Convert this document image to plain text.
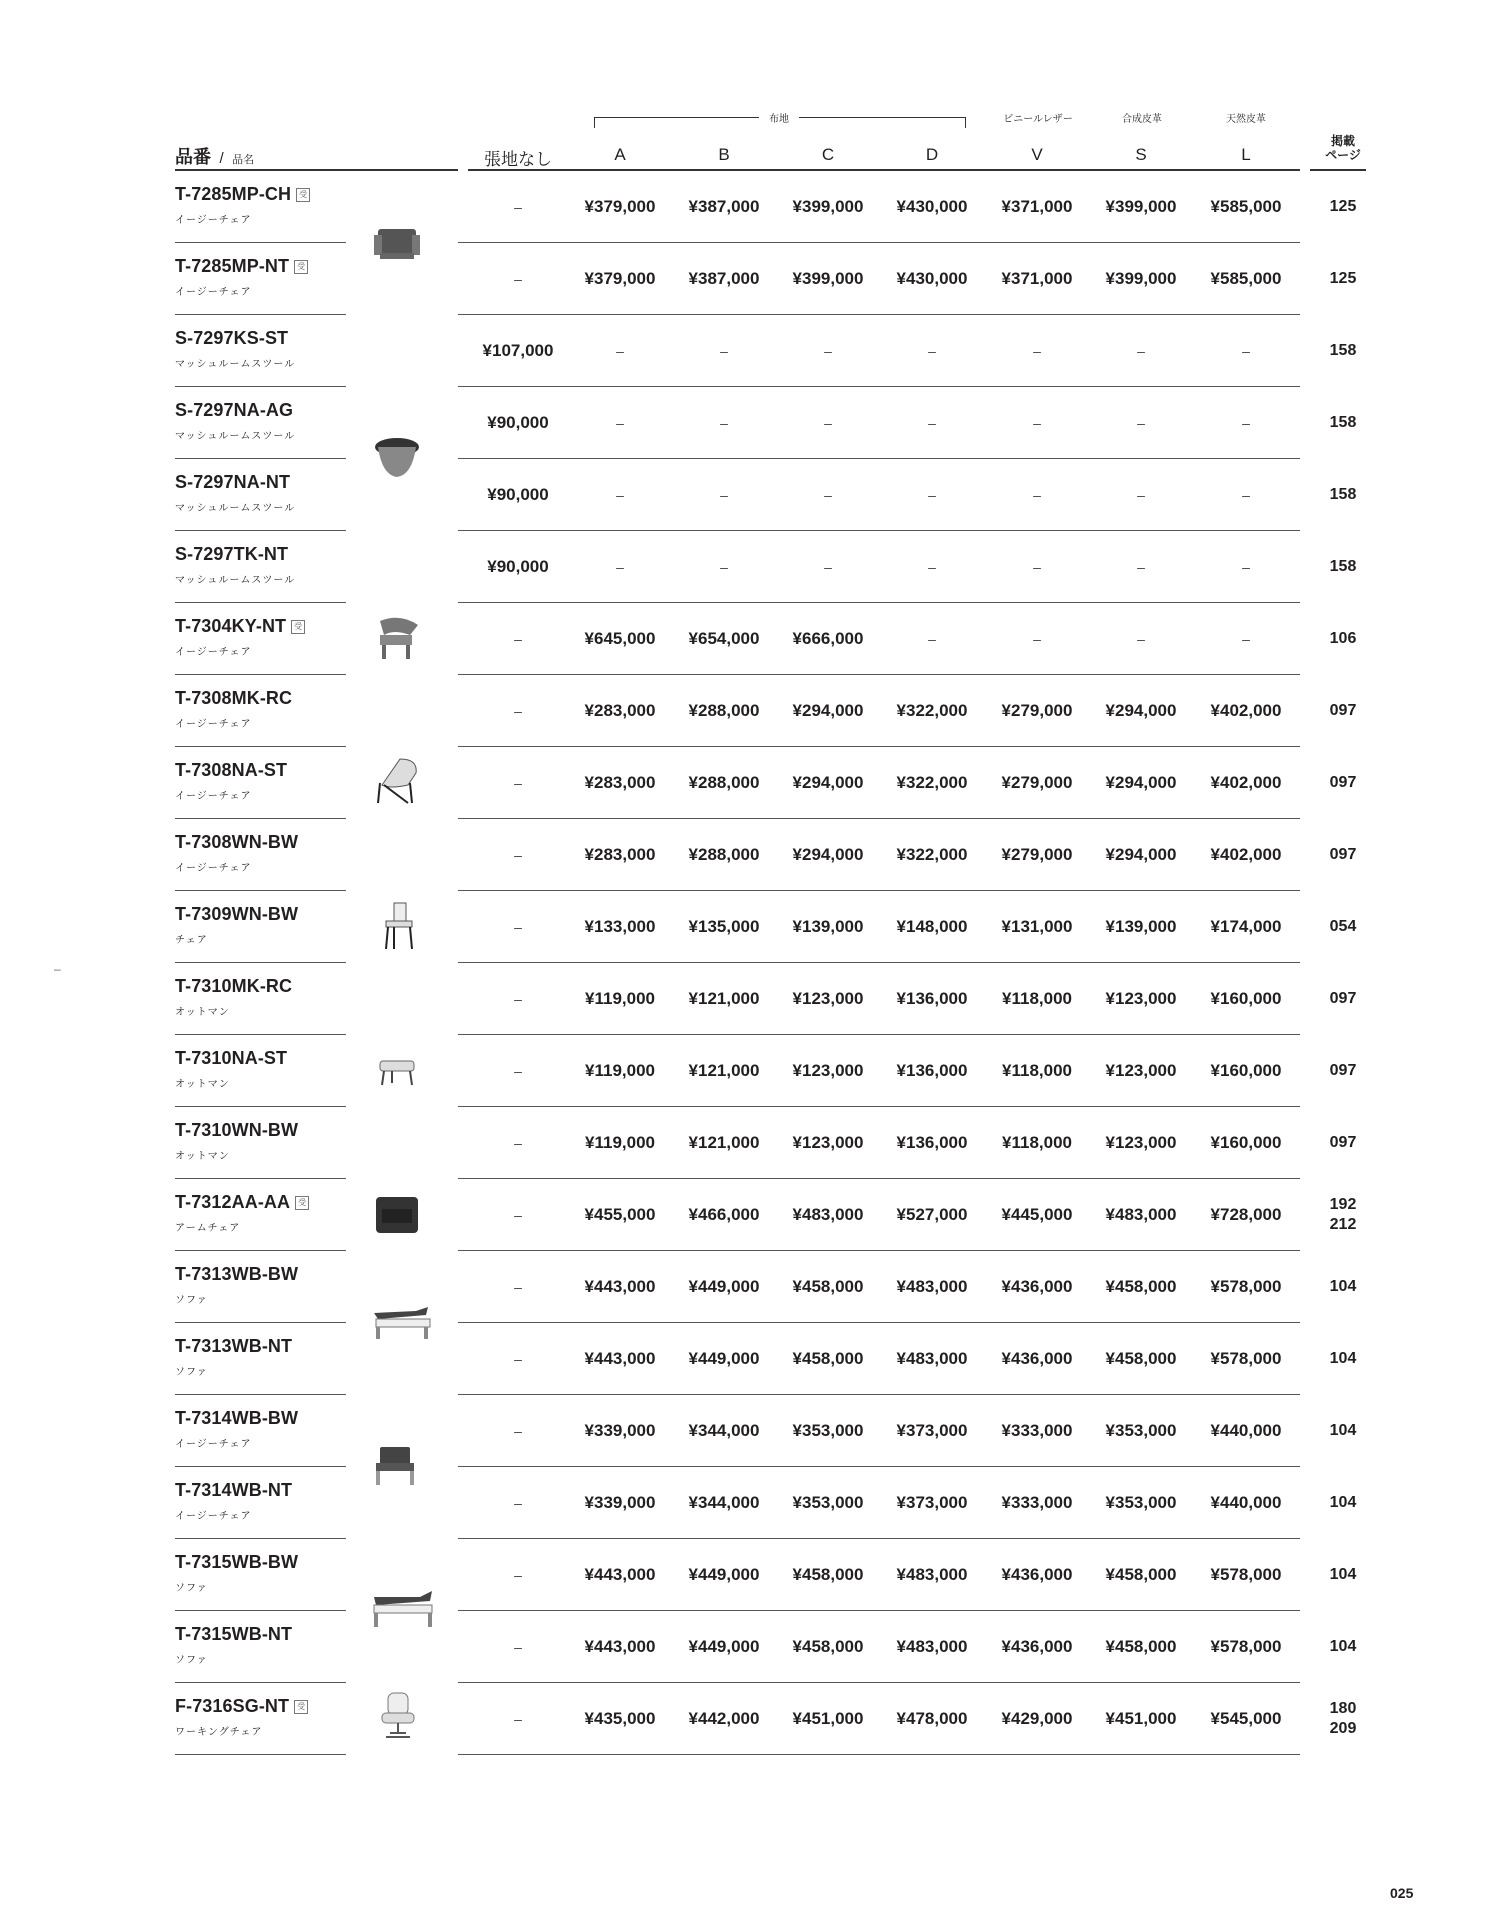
布地	ビニールレザー	合成皮革	天然皮革
品番 / 品名	張地なし	A	B	C	D	V	S	L
掲載
ページ
T-7285MP-CH 受
イージーチェア
–	¥379,000 ¥387,000 ¥399,000 ¥430,000 ¥371,000 ¥399,000 ¥585,000	125
T-7285MP-NT 受
イージーチェア
–	¥379,000 ¥387,000 ¥399,000 ¥430,000 ¥371,000 ¥399,000 ¥585,000	125
S-7297KS-ST
マッシュルームスツール
¥107,000	–	–	–	–	–	–	–	158
S-7297NA-AG
マッシュルームスツール
¥90,000	–	–	–	–	–	–	–	158
S-7297NA-NT
マッシュルームスツール
¥90,000	–	–	–	–	–	–	–	158
S-7297TK-NT
マッシュルームスツール
¥90,000	–	–	–	–	–	–	–	158
T-7304KY-NT 受
イージーチェア
–	¥645,000 ¥654,000 ¥666,000	–	–	–	–	106
T-7308MK-RC
イージーチェア
–	¥283,000 ¥288,000 ¥294,000 ¥322,000 ¥279,000 ¥294,000 ¥402,000	097
T-7308NA-ST
イージーチェア
–	¥283,000 ¥288,000 ¥294,000 ¥322,000 ¥279,000 ¥294,000 ¥402,000	097
T-7308WN-BW
イージーチェア
–	¥283,000 ¥288,000 ¥294,000 ¥322,000 ¥279,000 ¥294,000 ¥402,000	097
T-7309WN-BW
チェア
–	¥133,000 ¥135,000 ¥139,000 ¥148,000 ¥131,000 ¥139,000 ¥174,000	054
T-7310MK-RC
オットマン
–	¥119,000 ¥121,000 ¥123,000 ¥136,000 ¥118,000 ¥123,000 ¥160,000	097
T-7310NA-ST
オットマン
–	¥119,000 ¥121,000 ¥123,000 ¥136,000 ¥118,000 ¥123,000 ¥160,000	097
T-7310WN-BW
オットマン
–	¥119,000 ¥121,000 ¥123,000 ¥136,000 ¥118,000 ¥123,000 ¥160,000	097
T-7312AA-AA 受
アームチェア
–	¥455,000 ¥466,000 ¥483,000 ¥527,000 ¥445,000 ¥483,000 ¥728,000
192
212
T-7313WB-BW
ソファ
–	¥443,000 ¥449,000 ¥458,000 ¥483,000 ¥436,000 ¥458,000 ¥578,000	104
T-7313WB-NT
ソファ
–	¥443,000 ¥449,000 ¥458,000 ¥483,000 ¥436,000 ¥458,000 ¥578,000	104
T-7314WB-BW
イージーチェア
–	¥339,000 ¥344,000 ¥353,000 ¥373,000 ¥333,000 ¥353,000 ¥440,000	104
T-7314WB-NT
イージーチェア
–	¥339,000 ¥344,000 ¥353,000 ¥373,000 ¥333,000 ¥353,000 ¥440,000	104
T-7315WB-BW
ソファ
–	¥443,000 ¥449,000 ¥458,000 ¥483,000 ¥436,000 ¥458,000 ¥578,000	104
T-7315WB-NT
ソファ
–	¥443,000 ¥449,000 ¥458,000 ¥483,000 ¥436,000 ¥458,000 ¥578,000	104
F-7316SG-NT 受
ワーキングチェア
–	¥435,000 ¥442,000 ¥451,000 ¥478,000 ¥429,000 ¥451,000 ¥545,000
180
209
–
025
